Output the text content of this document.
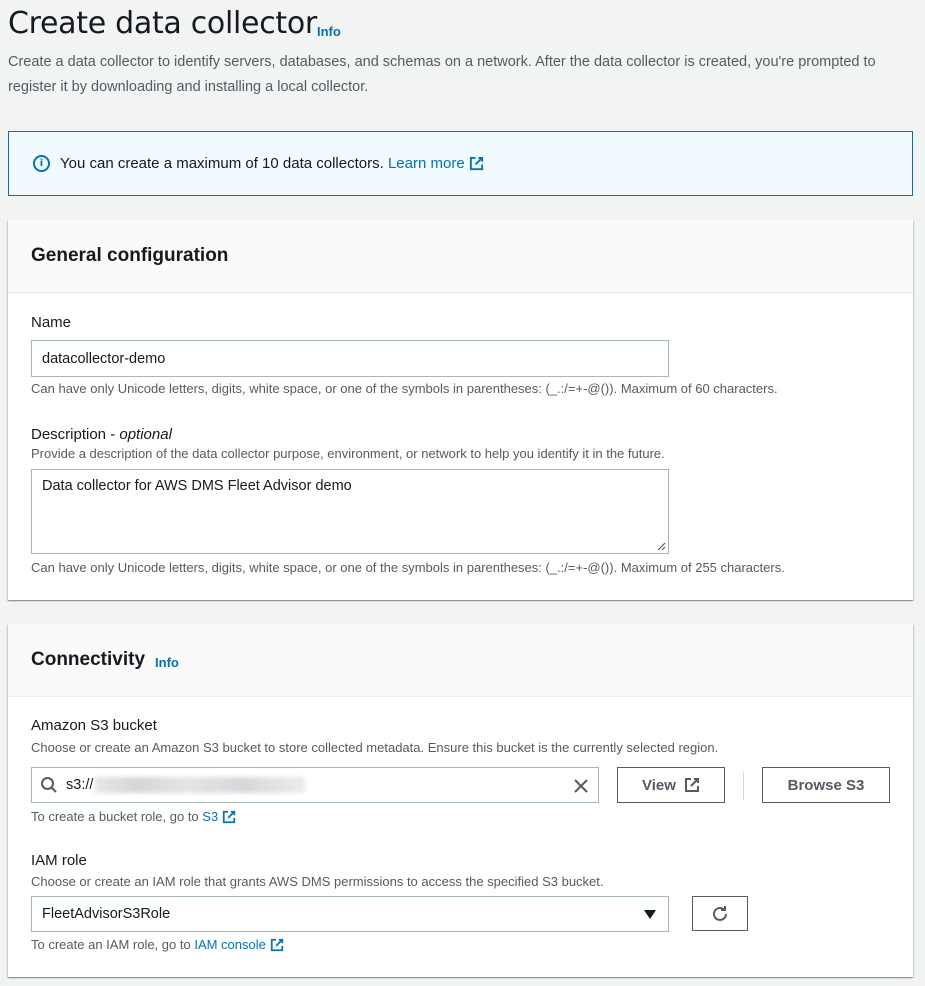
Create data collector Info

Create a data collector to identify servers, databases, and schemas on a network. After the data collector is created, you're prompted to register it by downloading and installing a local collector.

i	You can create a maximum of 10 data collectors.
Learn more
General configuration
Name
datacollector-demo
Can have only Unicode letters, digits, white space, or one of the symbols in parentheses: (_.:/=+-@()). Maximum of 60 characters.
Description - optional
Provide a description of the data collector purpose, environment, or network to help you identify it in the future.
Data collector for AWS DMS Fleet Advisor demo
Can have only Unicode letters, digits, white space, or one of the symbols in parentheses: (_.:/=+-@()). Maximum of 255 characters.
Connectivity Info
Amazon S3 bucket
Choose or create an Amazon S3 bucket to store collected metadata. Ensure this bucket is the currently selected region.
s3://	View	Browse S3
To create a bucket role, go to S3
IAM role
Choose or create an IAM role that grants AWS DMS permissions to access the specified S3 bucket.
FleetAdvisorS3Role
To create an IAM role, go to IAM console
